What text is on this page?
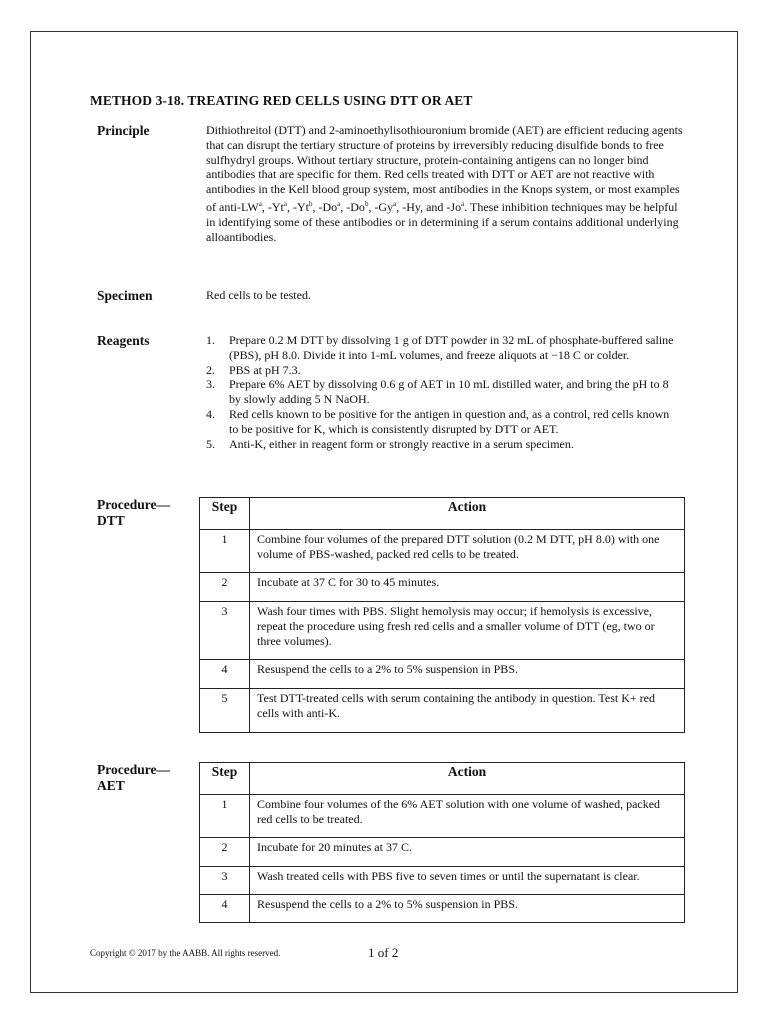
METHOD 3-18. TREATING RED CELLS USING DTT OR AET
Principle	Dithiothreitol (DTT) and 2-aminoethylisothiouronium bromide (AET) are efficient reducing agents that can disrupt the tertiary structure of proteins by irreversibly reducing disulfide bonds to free sulfhydryl groups. Without tertiary structure, protein-containing antigens can no longer bind antibodies that are specific for them. Red cells treated with DTT or AET are not reactive with antibodies in the Kell blood group system, most antibodies in the Knops system, or most examples of anti-$LW^a$, -Yt$^a$, -Yt$^b$, -Do$^a$, -Do$^b$, -Gy$^a$, -Hy, and -Jo$^a$. These inhibition techniques may be helpful in identifying some of these antibodies or in determining if a serum contains additional underlying alloantibodies.
Specimen	Red cells to be tested.
Reagents	1.	Prepare 0.2 M DTT by dissolving 1 g of DTT powder in 32 mL of phosphate-buffered saline (PBS), pH 8.0. Divide it into 1-mL volumes, and freeze aliquots at −18 C or colder.
2.	PBS at pH 7.3.
3.	Prepare 6% AET by dissolving 0.6 g of AET in 10 mL distilled water, and bring the pH to 8 by slowly adding 5 N NaOH.
4.	Red cells known to be positive for the antigen in question and, as a control, red cells known to be positive for K, which is consistently disrupted by DTT or AET.
5.	Anti-K, either in reagent form or strongly reactive in a serum specimen.
Procedure—
DTT
Step	Action
1	Combine four volumes of the prepared DTT solution (0.2 M DTT, pH 8.0) with one volume of PBS-washed, packed red cells to be treated.
2	Incubate at 37 C for 30 to 45 minutes.
3	Wash four times with PBS. Slight hemolysis may occur; if hemolysis is excessive, repeat the procedure using fresh red cells and a smaller volume of DTT (eg, two or three volumes).
4	Resuspend the cells to a 2% to 5% suspension in PBS.
5	Test DTT-treated cells with serum containing the antibody in question. Test K+ red cells with anti-K.
Procedure—
AET
Step	Action
1	Combine four volumes of the 6% AET solution with one volume of washed, packed red cells to be treated.
2	Incubate for 20 minutes at 37 C.
3	Wash treated cells with PBS five to seven times or until the supernatant is clear.
4	Resuspend the cells to a 2% to 5% suspension in PBS.
Copyright © 2017 by the AABB. All rights reserved.	1 of 2
